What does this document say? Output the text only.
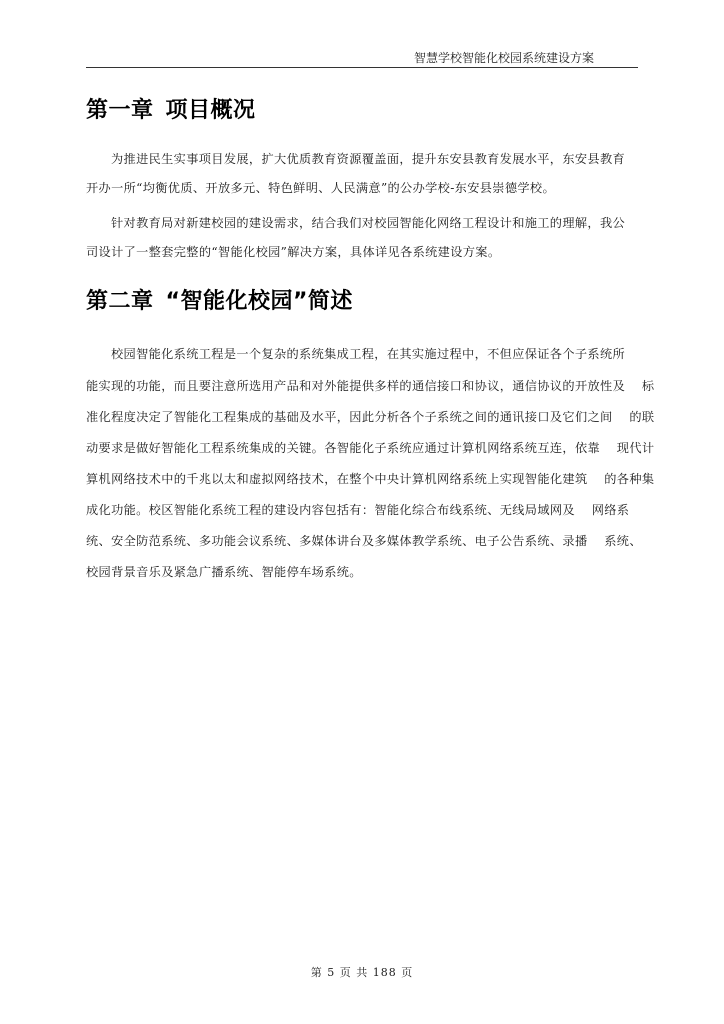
智慧学校智能化校园系统建设方案
第一章 项目概况
为推进民生实事项目发展，扩大优质教育资源覆盖面，提升东安县教育发展水平，东安县教育
开办一所“均衡优质、开放多元、特色鲜明、人民满意”的公办学校-东安县崇德学校。
针对教育局对新建校园的建设需求，结合我们对校园智能化网络工程设计和施工的理解，我公
司设计了一整套完整的“智能化校园”解决方案，具体详见各系统建设方案。
第二章 “智能化校园”简述
校园智能化系统工程是一个复杂的系统集成工程，在其实施过程中，不但应保证各个子系统所
能实现的功能，而且要注意所选用产品和对外能提供多样的通信接口和协议，通信协议的开放性及　 标
准化程度决定了智能化工程集成的基础及水平，因此分析各个子系统之间的通讯接口及它们之间　 的联
动要求是做好智能化工程系统集成的关键。各智能化子系统应通过计算机网络系统互连，依靠　 现代计
算机网络技术中的千兆以太和虚拟网络技术，在整个中央计算机网络系统上实现智能化建筑　 的各种集
成化功能。校区智能化系统工程的建设内容包括有：智能化综合布线系统、无线局域网及　 网络系
统、安全防范系统、多功能会议系统、多媒体讲台及多媒体教学系统、电子公告系统、录播　 系统、
校园背景音乐及紧急广播系统、智能停车场系统。
第 5 页 共 188 页
